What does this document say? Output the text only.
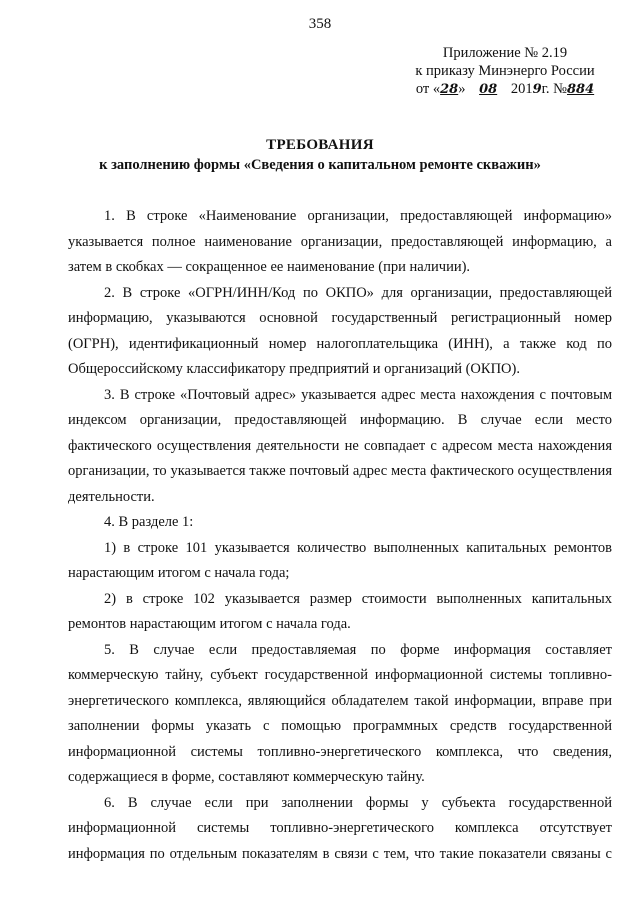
358
Приложение № 2.19
к приказу Минэнерго России
от «28» 08 2019г. №884
ТРЕБОВАНИЯ
к заполнению формы «Сведения о капитальном ремонте скважин»

1. В строке «Наименование организации, предоставляющей информацию» указывается полное наименование организации, предоставляющей информацию, а затем в скобках — сокращенное ее наименование (при наличии).

2. В строке «ОГРН/ИНН/Код по ОКПО» для организации, предоставляющей информацию, указываются основной государственный регистрационный номер (ОГРН), идентификационный номер налогоплательщика (ИНН), а также код по Общероссийскому классификатору предприятий и организаций (ОКПО).

3. В строке «Почтовый адрес» указывается адрес места нахождения с почтовым индексом организации, предоставляющей информацию. В случае если место фактического осуществления деятельности не совпадает с адресом места нахождения организации, то указывается также почтовый адрес места фактического осуществления деятельности.

4. В разделе 1:

1) в строке 101 указывается количество выполненных капитальных ремонтов нарастающим итогом с начала года;

2) в строке 102 указывается размер стоимости выполненных капитальных ремонтов нарастающим итогом с начала года.

5. В случае если предоставляемая по форме информация составляет коммерческую тайну, субъект государственной информационной системы топливно-энергетического комплекса, являющийся обладателем такой информации, вправе при заполнении формы указать с помощью программных средств государственной информационной системы топливно-энергетического комплекса, что сведения, содержащиеся в форме, составляют коммерческую тайну.

6. В случае если при заполнении формы у субъекта государственной информационной системы топливно-энергетического комплекса отсутствует информация по отдельным показателям в связи с тем, что такие показатели связаны с
